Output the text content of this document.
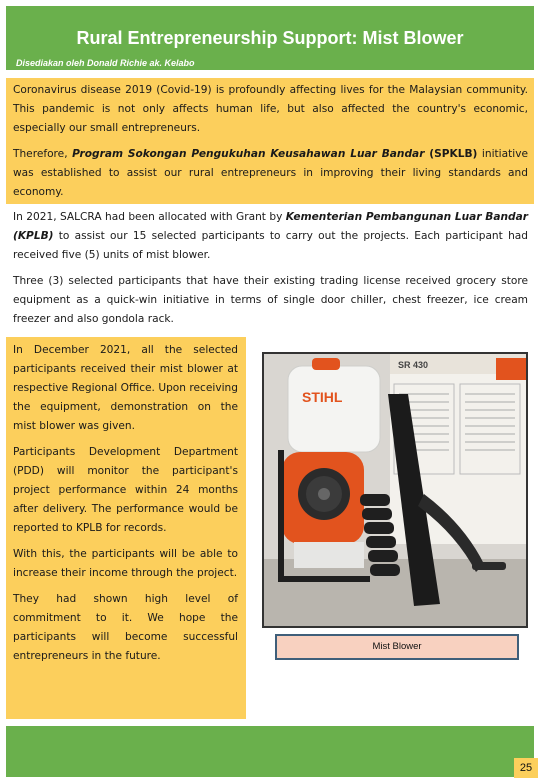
Rural Entrepreneurship Support: Mist Blower
Disediakan oleh Donald Richie ak. Kelabo

Coronavirus disease 2019 (Covid-19) is profoundly affecting lives for the Malaysian community. This pandemic is not only affects human life, but also affected the country's economic, especially our small entrepreneurs.

Therefore, Program Sokongan Pengukuhan Keusahawan Luar Bandar (SPKLB) initiative was established to assist our rural entrepreneurs in improving their living standards and economy.

In 2021, SALCRA had been allocated with Grant by Kementerian Pembangunan Luar Bandar (KPLB) to assist our 15 selected participants to carry out the projects. Each participant had received five (5) units of mist blower.

Three (3) selected participants that have their existing trading license received grocery store equipment as a quick-win initiative in terms of single door chiller, chest freezer, ice cream freezer and also gondola rack.

In December 2021, all the selected participants received their mist blower at respective Regional Office. Upon receiving the equipment, demonstration on the mist blower was given.

Participants Development Department (PDD) will monitor the participant's project performance within 24 months after delivery. The performance would be reported to KPLB for records.

With this, the participants will be able to increase their income through the project.

They had shown high level of commitment to it. We hope the participants will become successful entrepreneurs in the future.

SR 430
STIHL
Mist Blower
25
